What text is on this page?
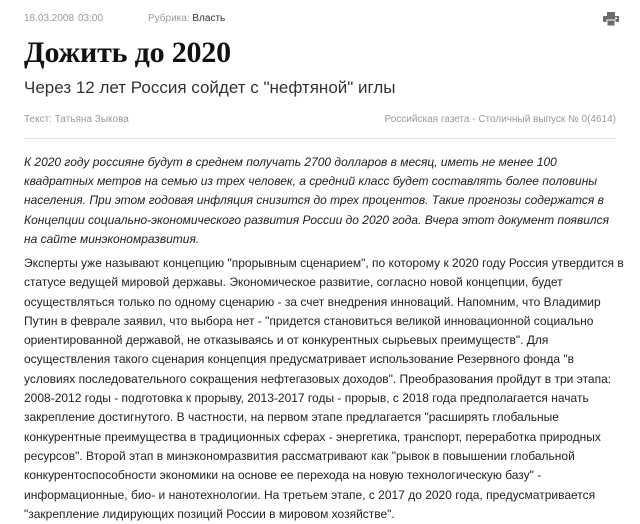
18.03.2008 03:00	Рубрика: Власть
Дожить до 2020
Через 12 лет Россия сойдет с "нефтяной" иглы
Текст: Татьяна Зыкова	Российская газета - Столичный выпуск № 0(4614)

К 2020 году россияне будут в среднем получать 2700 долларов в месяц, иметь не менее 100 квадратных метров на семью из трех человек, а средний класс будет составлять более половины населения. При этом годовая инфляция снизится до трех процентов. Такие прогнозы содержатся в Концепции социально-экономического развития России до 2020 года. Вчера этот документ появился на сайте минэкономразвития.

Эксперты уже называют концепцию "прорывным сценарием", по которому к 2020 году Россия утвердится в статусе ведущей мировой державы. Экономическое развитие, согласно новой концепции, будет осуществляться только по одному сценарию - за счет внедрения инноваций. Напомним, что Владимир Путин в феврале заявил, что выбора нет - "придется становиться великой инновационной социально ориентированной державой, не отказываясь и от конкурентных сырьевых преимуществ". Для осуществления такого сценария концепция предусматривает использование Резервного фонда "в условиях последовательного сокращения нефтегазовых доходов". Преобразования пройдут в три этапа: 2008-2012 годы - подготовка к прорыву, 2013-2017 годы - прорыв, с 2018 года предполагается начать закрепление достигнутого. В частности, на первом этапе предлагается "расширять глобальные конкурентные преимущества в традиционных сферах - энергетика, транспорт, переработка природных ресурсов". Второй этап в минэкономразвития рассматривают как "рывок в повышении глобальной конкурентоспособности экономики на основе ее перехода на новую технологическую базу" - информационные, био- и нанотехнологии. На третьем этапе, с 2017 до 2020 года, предусматривается "закрепление лидирующих позиций России в мировом хозяйстве".
